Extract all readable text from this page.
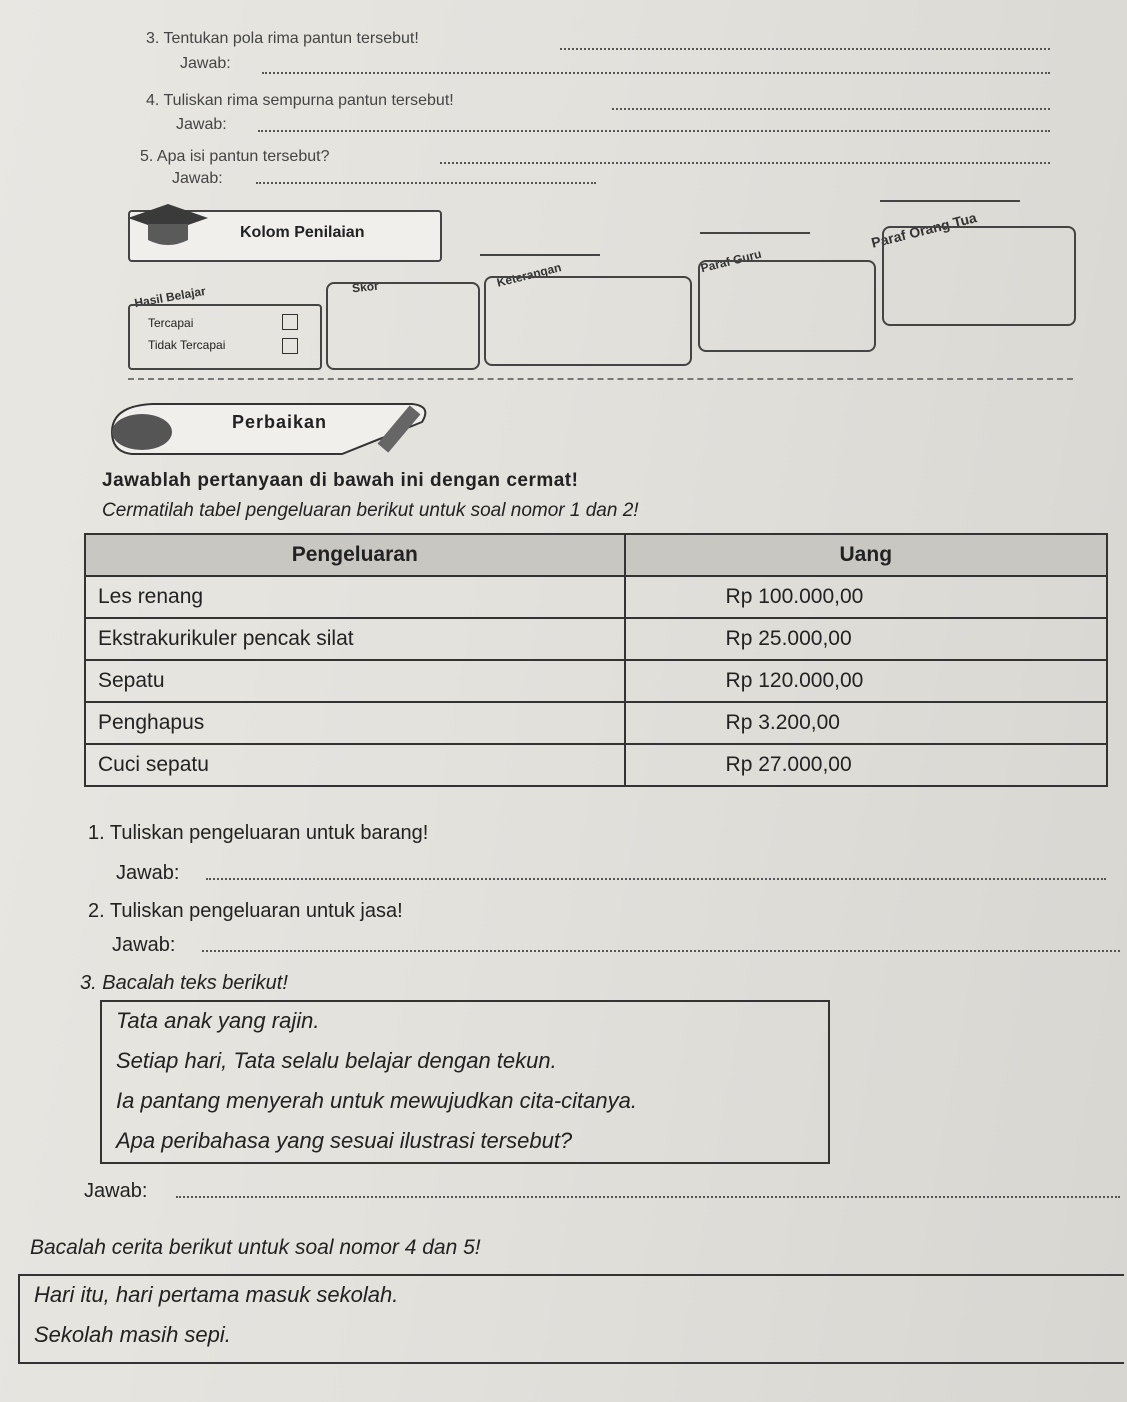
3. Tentukan pola rima pantun tersebut!
Jawab:
4. Tuliskan rima sempurna pantun tersebut!
Jawab:
5. Apa isi pantun tersebut?
Jawab:
Kolom Penilaian
Hasil Belajar	Skor	Keterangan	Paraf Guru
Paraf Orang Tua
Tercapai
Tidak Tercapai
Perbaikan
Jawablah pertanyaan di bawah ini dengan cermat!
Cermatilah tabel pengeluaran berikut untuk soal nomor 1 dan 2!
Pengeluaran	Uang
Les renang	Rp 100.000,00
Ekstrakurikuler pencak silat	Rp 25.000,00
Sepatu	Rp 120.000,00
Penghapus	Rp 3.200,00
Cuci sepatu	Rp 27.000,00
1. Tuliskan pengeluaran untuk barang!
Jawab:
2. Tuliskan pengeluaran untuk jasa!
Jawab:
3. Bacalah teks berikut!
Tata anak yang rajin.
Setiap hari, Tata selalu belajar dengan tekun.
Ia pantang menyerah untuk mewujudkan cita-citanya.
Apa peribahasa yang sesuai ilustrasi tersebut?
Jawab:
Bacalah cerita berikut untuk soal nomor 4 dan 5!
Hari itu, hari pertama masuk sekolah.
Sekolah masih sepi.
